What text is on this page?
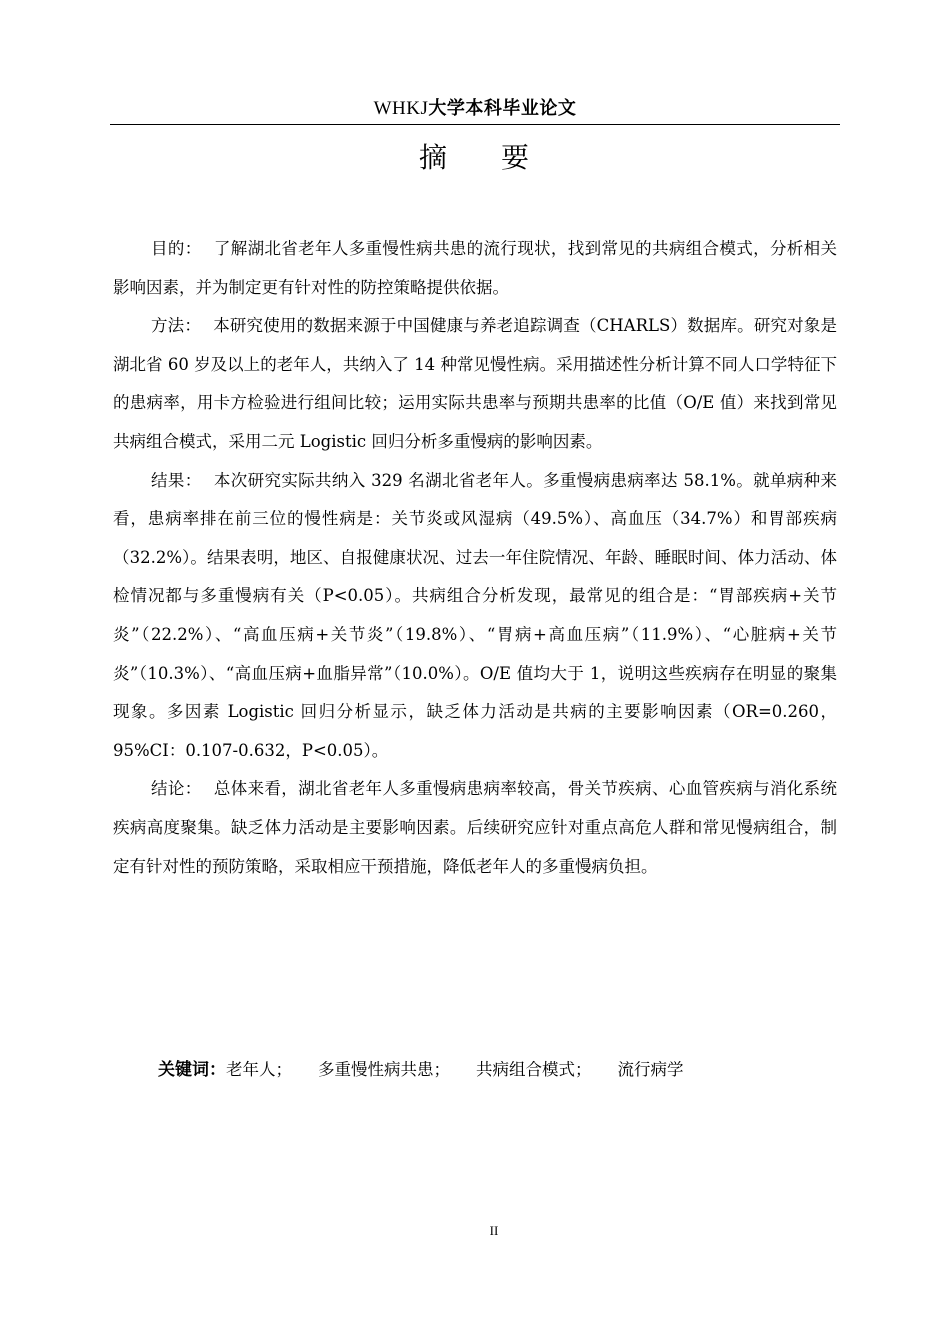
WHKJ大学本科毕业论文
摘 要

目的： 了解湖北省老年人多重慢性病共患的流行现状，找到常见的共病组合模式，分析相关影响因素，并为制定更有针对性的防控策略提供依据。

方法： 本研究使用的数据来源于中国健康与养老追踪调查（CHARLS）数据库。研究对象是湖北省 60 岁及以上的老年人，共纳入了 14 种常见慢性病。采用描述性分析计算不同人口学特征下的患病率，用卡方检验进行组间比较；运用实际共患率与预期共患率的比值（O/E 值）来找到常见共病组合模式，采用二元 Logistic 回归分析多重慢病的影响因素。

结果： 本次研究实际共纳入 329 名湖北省老年人。多重慢病患病率达 58.1%。就单病种来看，患病率排在前三位的慢性病是：关节炎或风湿病（49.5%）、高血压（34.7%）和胃部疾病（32.2%）。结果表明，地区、自报健康状况、过去一年住院情况、年龄、睡眠时间、体力活动、体检情况都与多重慢病有关（P<0.05）。共病组合分析发现，最常见的组合是：“胃部疾病+关节炎”（22.2%）、“高血压病+关节炎”（19.8%）、“胃病+高血压病”（11.9%）、“心脏病+关节炎”（10.3%）、“高血压病+血脂异常”（10.0%）。O/E 值均大于 1，说明这些疾病存在明显的聚集现象。多因素 Logistic 回归分析显示，缺乏体力活动是共病的主要影响因素（OR=0.260，95%CI：0.107-0.632，P<0.05）。

结论： 总体来看，湖北省老年人多重慢病患病率较高，骨关节疾病、心血管疾病与消化系统疾病高度聚集。缺乏体力活动是主要影响因素。后续研究应针对重点高危人群和常见慢病组合，制定有针对性的预防策略，采取相应干预措施，降低老年人的多重慢病负担。

关键词：老年人； 多重慢性病共患； 共病组合模式； 流行病学
II
